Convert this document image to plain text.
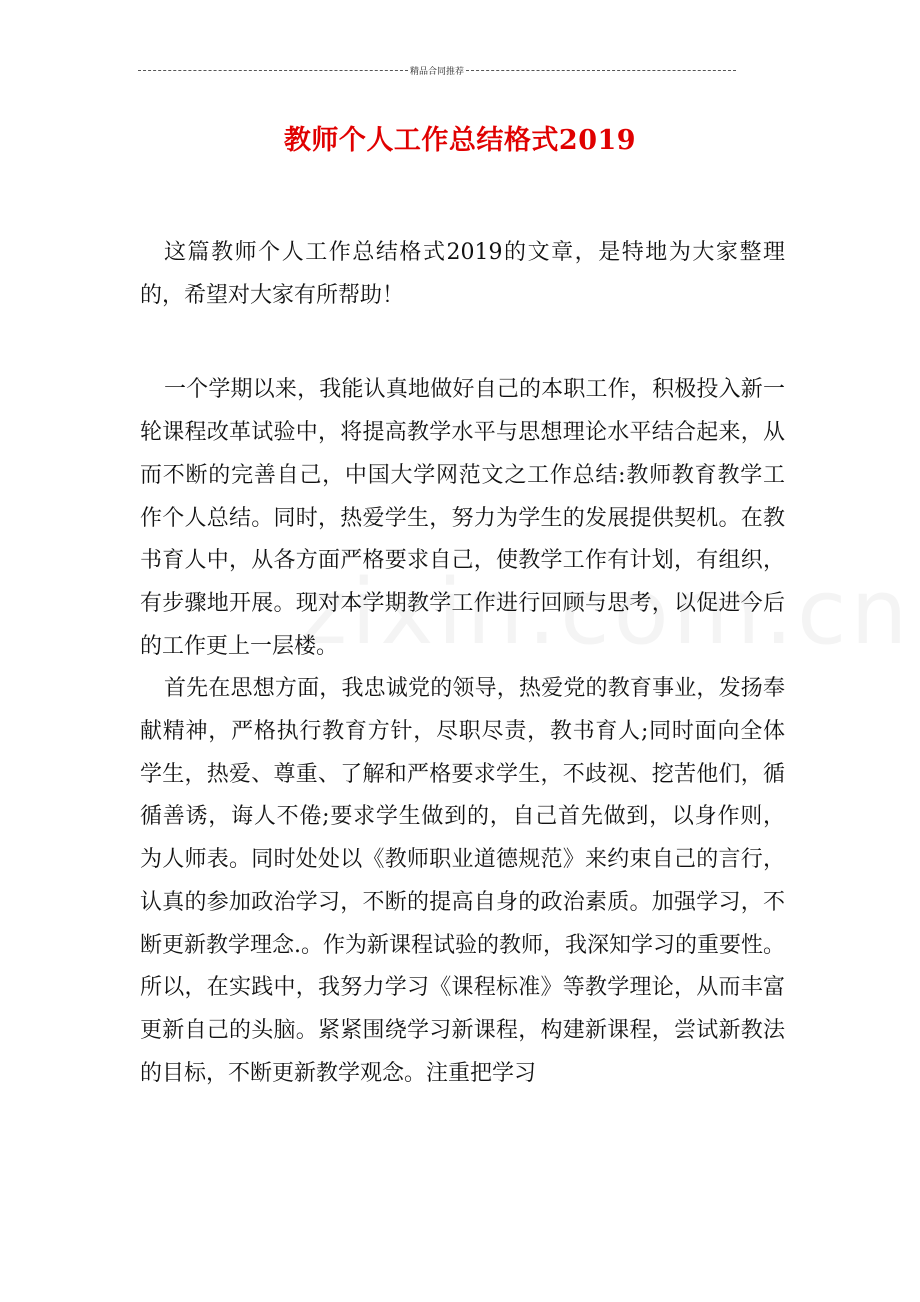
精品合同推荐
教师个人工作总结格式2019

这篇教师个人工作总结格式2019的文章，是特地为大家整理的，希望对大家有所帮助！

一个学期以来，我能认真地做好自己的本职工作，积极投入新一轮课程改革试验中，将提高教学水平与思想理论水平结合起来，从而不断的完善自己，中国大学网范文之工作总结:教师教育教学工作个人总结。同时，热爱学生，努力为学生的发展提供契机。在教书育人中，从各方面严格要求自己，使教学工作有计划，有组织，有步骤地开展。现对本学期教学工作进行回顾与思考，以促进今后的工作更上一层楼。

首先在思想方面，我忠诚党的领导，热爱党的教育事业，发扬奉献精神，严格执行教育方针，尽职尽责，教书育人;同时面向全体学生，热爱、尊重、了解和严格要求学生，不歧视、挖苦他们，循循善诱，诲人不倦;要求学生做到的，自己首先做到，以身作则，为人师表。同时处处以《教师职业道德规范》来约束自己的言行，认真的参加政治学习，不断的提高自身的政治素质。加强学习，不断更新教学理念.。作为新课程试验的教师，我深知学习的重要性。所以，在实践中，我努力学习《课程标准》等教学理论，从而丰富更新自己的头脑。紧紧围绕学习新课程，构建新课程，尝试新教法的目标，不断更新教学观念。注重把学习
